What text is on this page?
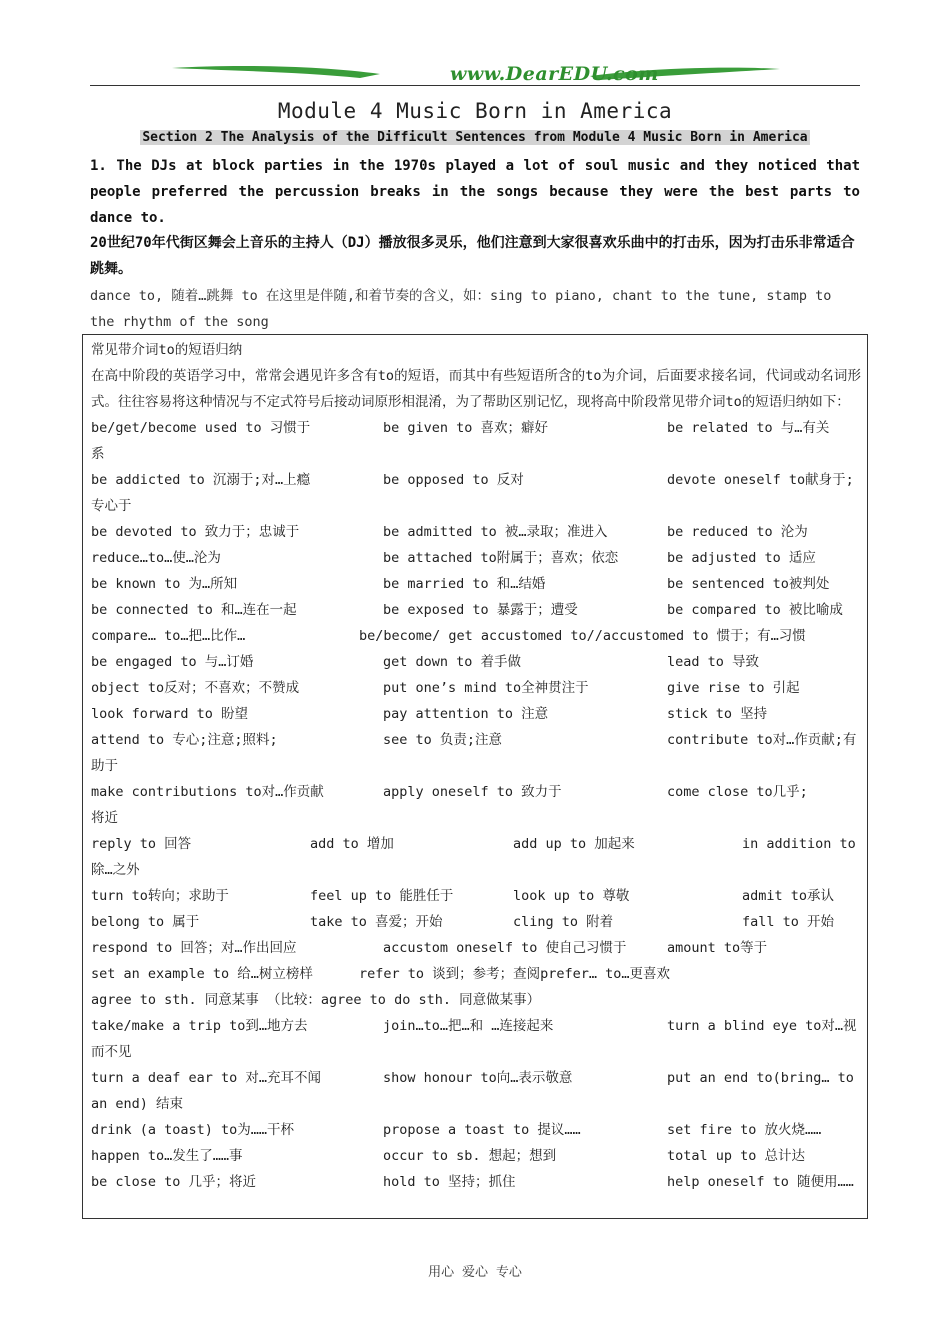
www.DearEDU.com
Module 4 Music Born in America
Section 2 The Analysis of the Difficult Sentences from Module 4 Music Born in America
1. The DJs at block parties in the 1970s played a lot of soul music and they noticed that people preferred the percussion breaks in the songs because they were the best parts to dance to.
20世纪70年代街区舞会上音乐的主持人（DJ）播放很多灵乐，他们注意到大家很喜欢乐曲中的打击乐，因为打击乐非常适合跳舞。
dance to, 随着…跳舞 to 在这里是伴随,和着节奏的含义，如：sing to piano, chant to the tune, stamp to the rhythm of the song
常见带介词to的短语归纳
在高中阶段的英语学习中，常常会遇见许多含有to的短语，而其中有些短语所含的to为介词，后面要求接名词，代词或动名词形式。往往容易将这种情况与不定式符号后接动词原形相混淆，为了帮助区别记忆，现将高中阶段常见带介词to的短语归纳如下：
be/get/become used to 习惯于	be given to 喜欢；癖好	be related to 与…有关
系
be addicted to 沉溺于;对…上瘾	be opposed to 反对	devote oneself to献身于;
专心于
be devoted to 致力于；忠诚于	be admitted to 被…录取；准进入	be reduced to 沦为
reduce…to…使…沦为	be attached to附属于；喜欢；依恋	be adjusted to 适应
be known to 为…所知	be married to 和…结婚	be sentenced to被判处
be connected to 和…连在一起	be exposed to 暴露于；遭受	be compared to 被比喻成
compare… to…把…比作…	be/become/ get accustomed to//accustomed to 惯于；有…习惯
be engaged to 与…订婚	get down to 着手做	lead to 导致
object to反对；不喜欢；不赞成	put one’s mind to全神贯注于	give rise to 引起
look forward to 盼望	pay attention to 注意	stick to 坚持
attend to 专心;注意;照料;	see to 负责;注意	contribute to对…作贡献;有
助于
make contributions to对…作贡献	apply oneself to 致力于	come close to几乎;
将近
reply to 回答	add to 增加	add up to 加起来	in addition to
除…之外
turn to转向；求助于	feel up to 能胜任于	look up to 尊敬	admit to承认
belong to 属于	take to 喜爱；开始	cling to 附着	fall to 开始
respond to 回答；对…作出回应	accustom oneself to 使自己习惯于	amount to等于
set an example to 给…树立榜样	refer to 谈到；参考；查阅prefer… to…更喜欢
agree to sth. 同意某事 （比较：agree to do sth. 同意做某事）
take/make a trip to到…地方去	join…to…把…和 …连接起来	turn a blind eye to对…视
而不见
turn a deaf ear to 对…充耳不闻	show honour to向…表示敬意	put an end to(bring… to
an end) 结束
drink (a toast) to为……干杯	propose a toast to 提议……	set fire to 放火烧……
happen to…发生了……事	occur to sb. 想起；想到	total up to 总计达
be close to 几乎；将近	hold to 坚持；抓住	help oneself to 随便用……
用心 爱心 专心
